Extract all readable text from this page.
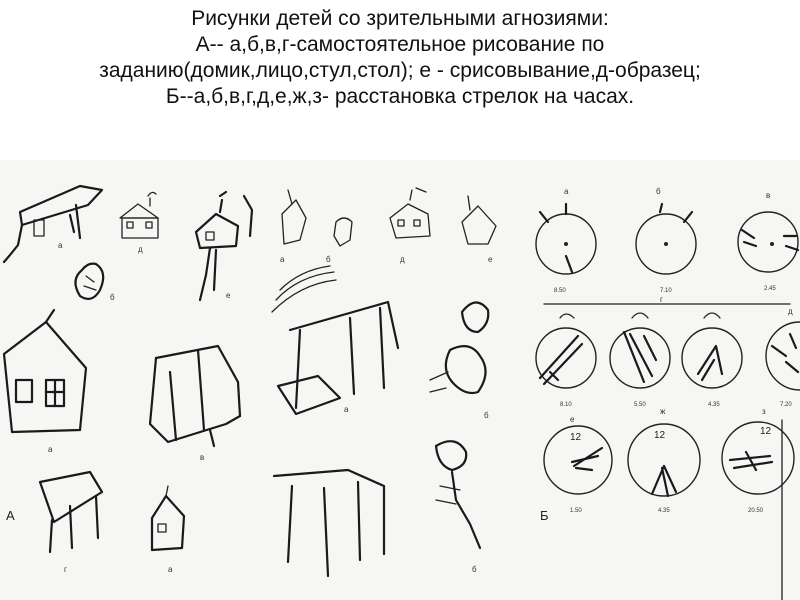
Рисунки детей со зрительными агнозиями:
А-- а,б,в,г-самостоятельное рисование по
заданию(домик,лицо,стул,стол); е - срисовывание,д-образец;
Б--а,б,в,г,д,е,ж,з- расстановка стрелок на часах.
а	д
е
б
а	б	д	е
а
в
а
б
А
г	а	б
г
Б
а
8.50
б
7.10
в
2.45
8.10	5.50	4.35
д
7.20
е
12
1.50
ж
12
4.35
з
12
20.50
